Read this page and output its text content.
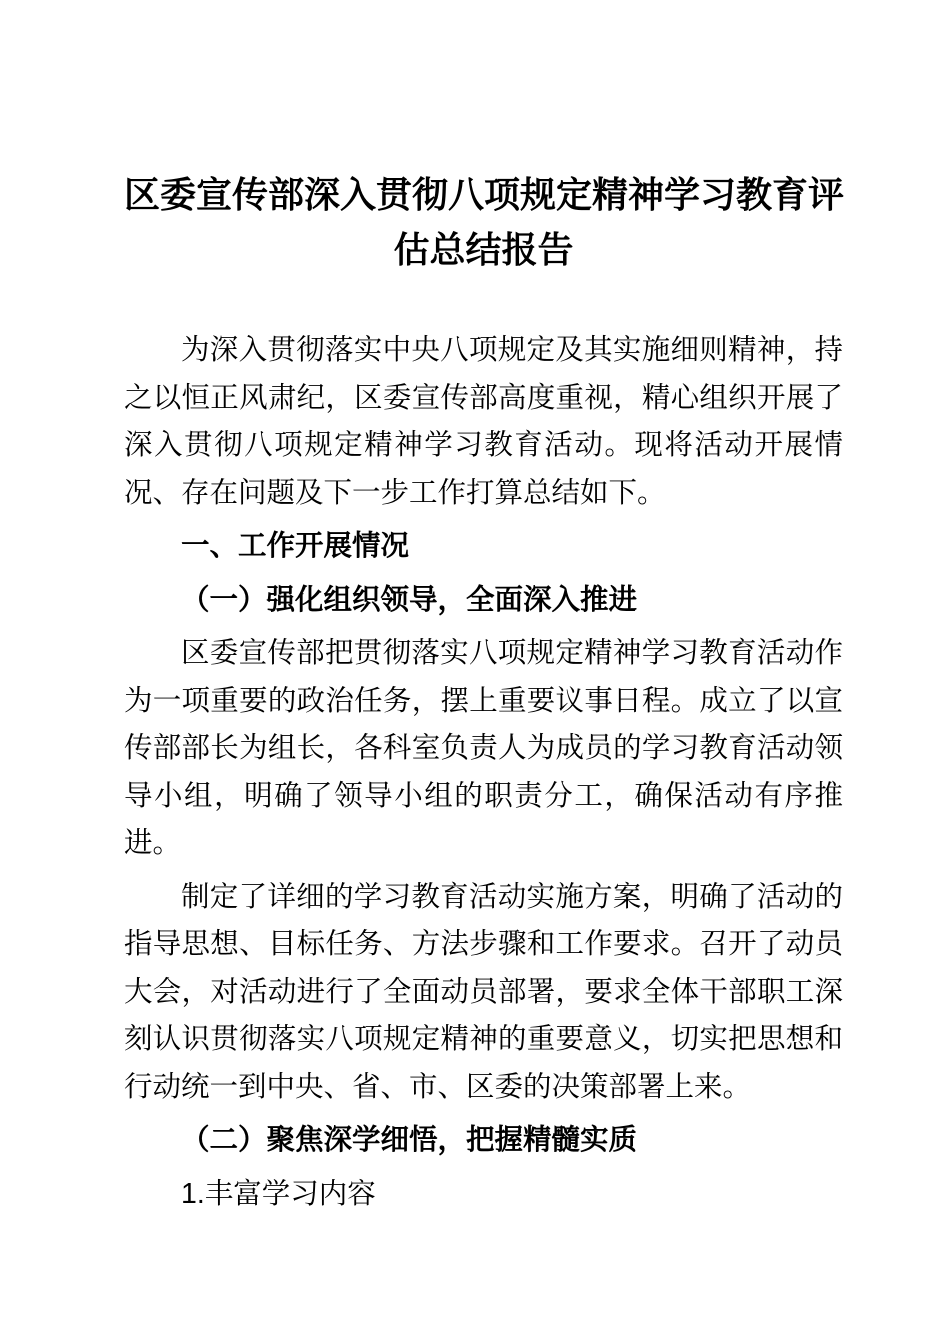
区委宣传部深入贯彻八项规定精神学习教育评
估总结报告

为深入贯彻落实中央八项规定及其实施细则精神，持之以恒正风肃纪，区委宣传部高度重视，精心组织开展了深入贯彻八项规定精神学习教育活动。现将活动开展情况、存在问题及下一步工作打算总结如下。

一、工作开展情况

（一）强化组织领导，全面深入推进

区委宣传部把贯彻落实八项规定精神学习教育活动作为一项重要的政治任务，摆上重要议事日程。成立了以宣传部部长为组长，各科室负责人为成员的学习教育活动领导小组，明确了领导小组的职责分工，确保活动有序推进。

制定了详细的学习教育活动实施方案，明确了活动的指导思想、目标任务、方法步骤和工作要求。召开了动员大会，对活动进行了全面动员部署，要求全体干部职工深刻认识贯彻落实八项规定精神的重要意义，切实把思想和行动统一到中央、省、市、区委的决策部署上来。

（二）聚焦深学细悟，把握精髓实质

1.丰富学习内容
